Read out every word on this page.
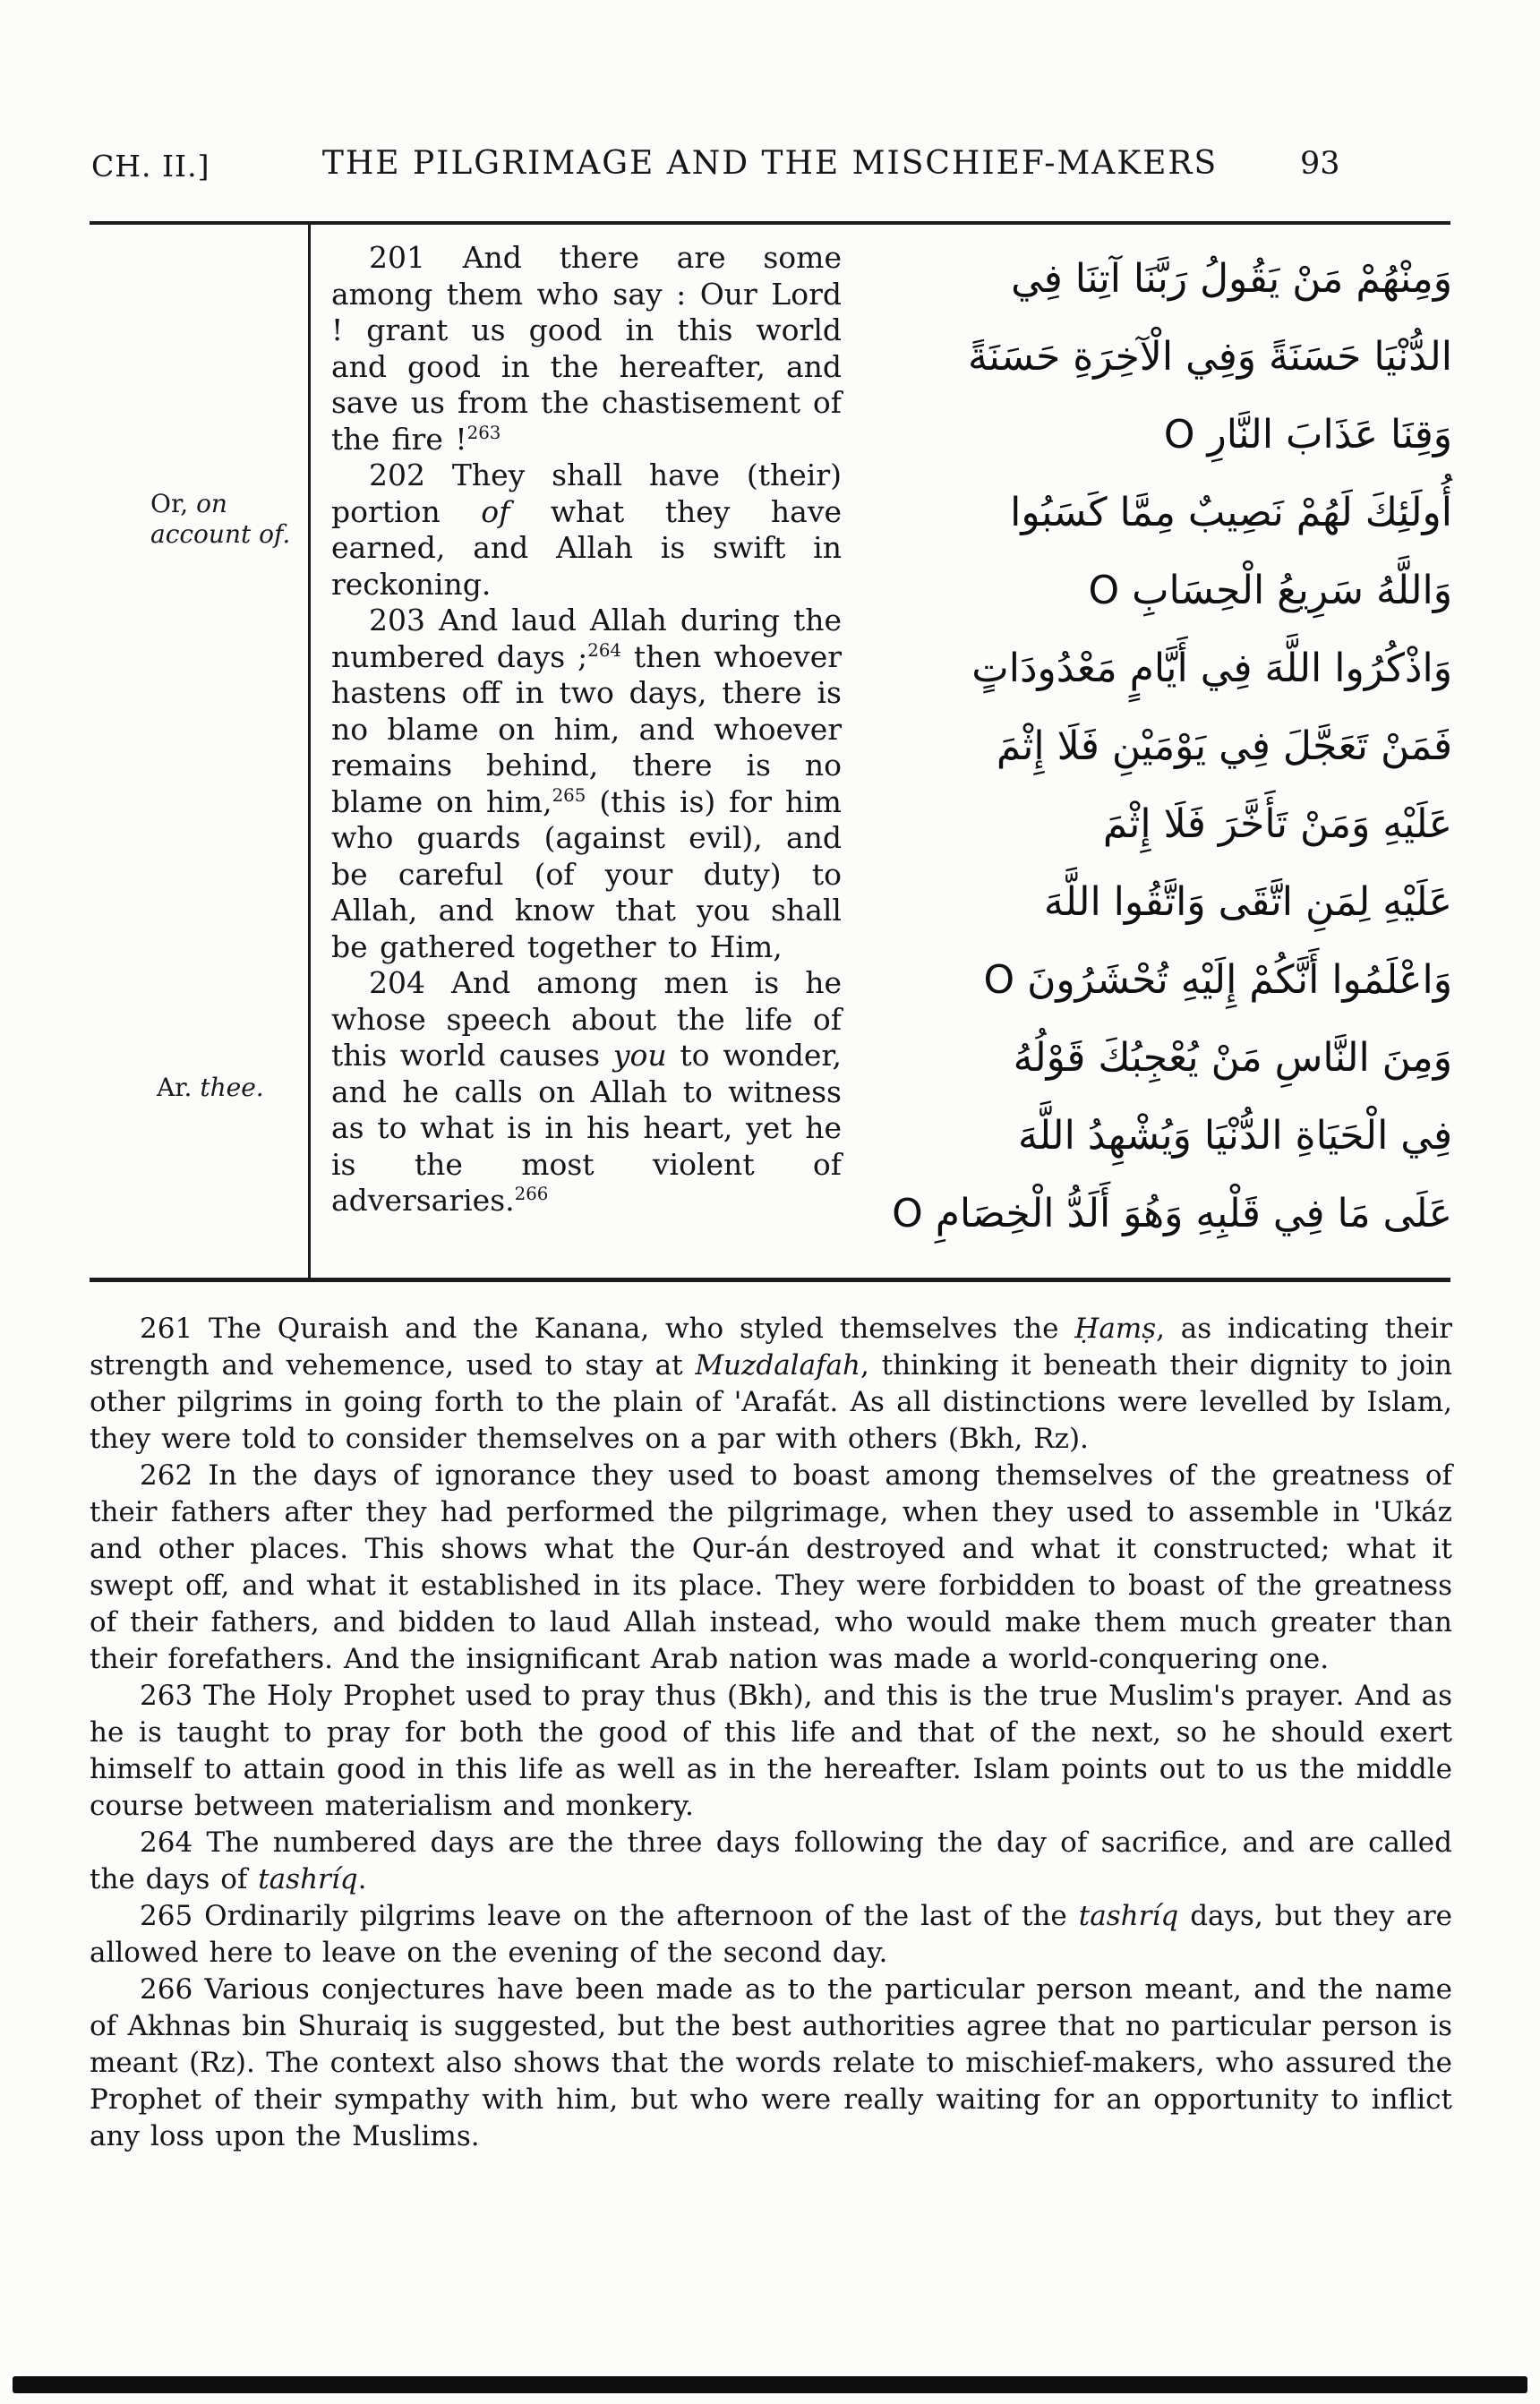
CH. II.]	THE PILGRIMAGE AND THE MISCHIEF-MAKERS	93
Or, on account of.
Ar. thee.
201 And there are some among them who say : Our Lord ! grant us good in this world and good in the hereafter, and save us from the chastisement of the fire !$^{263}$
202 They shall have (their) portion of what they have earned, and Allah is swift in reckoning.
203 And laud Allah during the numbered days ;$^{264}$ then whoever hastens off in two days, there is no blame on him, and whoever remains behind, there is no blame on him,$^{265}$ (this is) for him who guards (against evil), and be careful (of your duty) to Allah, and know that you shall be gathered together to Him,
204 And among men is he whose speech about the life of this world causes you to wonder, and he calls on Allah to witness as to what is in his heart, yet he is the most violent of adversaries.$^{266}$
وَمِنْهُمْ مَنْ يَقُولُ رَبَّنَا آتِنَا فِي
الدُّنْيَا حَسَنَةً وَفِي الْآخِرَةِ حَسَنَةً
وَقِنَا عَذَابَ النَّارِ O
أُولَئِكَ لَهُمْ نَصِيبٌ مِمَّا كَسَبُوا
وَاللَّهُ سَرِيعُ الْحِسَابِ O
وَاذْكُرُوا اللَّهَ فِي أَيَّامٍ مَعْدُودَاتٍ
فَمَنْ تَعَجَّلَ فِي يَوْمَيْنِ فَلَا إِثْمَ
عَلَيْهِ وَمَنْ تَأَخَّرَ فَلَا إِثْمَ
عَلَيْهِ لِمَنِ اتَّقَى وَاتَّقُوا اللَّهَ
وَاعْلَمُوا أَنَّكُمْ إِلَيْهِ تُحْشَرُونَ O
وَمِنَ النَّاسِ مَنْ يُعْجِبُكَ قَوْلُهُ
فِي الْحَيَاةِ الدُّنْيَا وَيُشْهِدُ اللَّهَ
عَلَى مَا فِي قَلْبِهِ وَهُوَ أَلَدُّ الْخِصَامِ O
261 The Quraish and the Kanana, who styled themselves the Ḥamṣ, as indicating their strength and vehemence, used to stay at Muzdalafah, thinking it beneath their dignity to join other pilgrims in going forth to the plain of 'Arafát. As all distinctions were levelled by Islam, they were told to consider themselves on a par with others (Bkh, Rz).
262 In the days of ignorance they used to boast among themselves of the greatness of their fathers after they had performed the pilgrimage, when they used to assemble in 'Ukáz and other places. This shows what the Qur-án destroyed and what it constructed; what it swept off, and what it established in its place. They were forbidden to boast of the greatness of their fathers, and bidden to laud Allah instead, who would make them much greater than their forefathers. And the insignificant Arab nation was made a world-conquering one.
263 The Holy Prophet used to pray thus (Bkh), and this is the true Muslim's prayer. And as he is taught to pray for both the good of this life and that of the next, so he should exert himself to attain good in this life as well as in the hereafter. Islam points out to us the middle course between materialism and monkery.
264 The numbered days are the three days following the day of sacrifice, and are called the days of tashríq.
265 Ordinarily pilgrims leave on the afternoon of the last of the tashríq days, but they are allowed here to leave on the evening of the second day.
266 Various conjectures have been made as to the particular person meant, and the name of Akhnas bin Shuraiq is suggested, but the best authorities agree that no particular person is meant (Rz). The context also shows that the words relate to mischief-makers, who assured the Prophet of their sympathy with him, but who were really waiting for an opportunity to inflict any loss upon the Muslims.
